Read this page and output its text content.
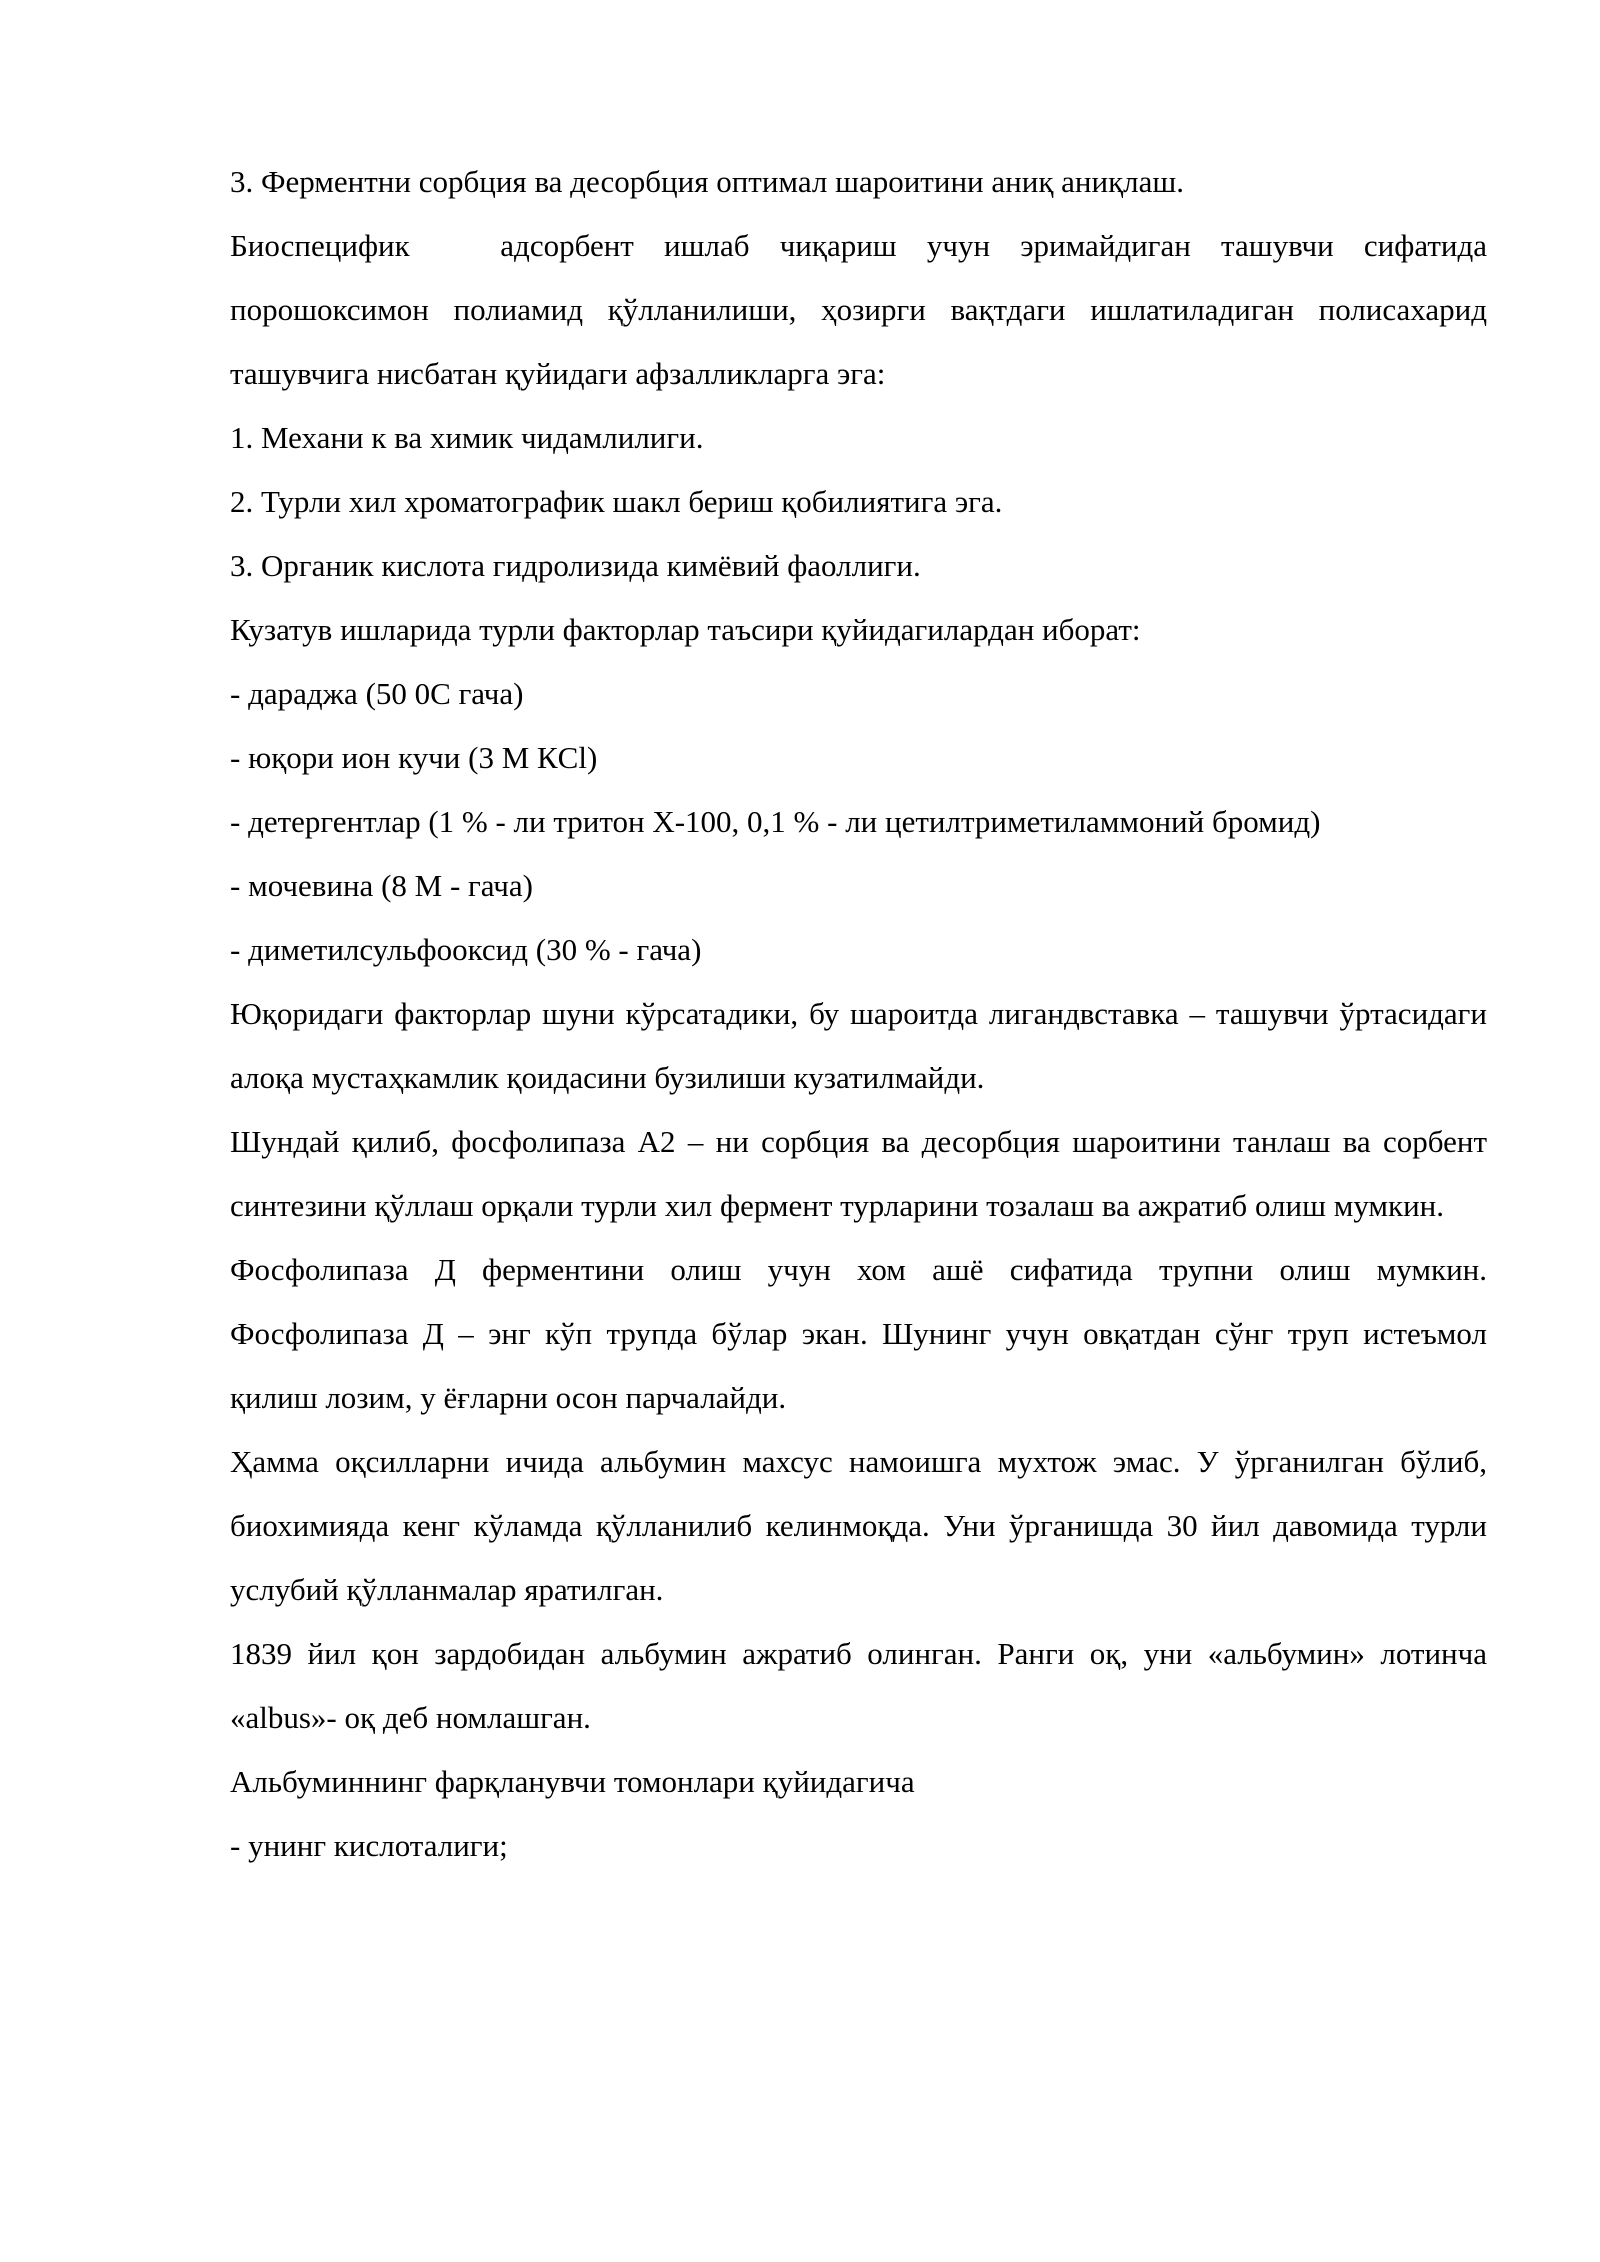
3. Ферментни сорбция ва десорбция оптимал шароитини аниқ аниқлаш.

Биоспецифик   адсорбент ишлаб чиқариш учун эримайдиган ташувчи сифатида порошоксимон полиамид қўлланилиши, ҳозирги вақтдаги ишлатиладиган полисахарид ташувчига нисбатан қуйидаги афзалликларга эга:

1. Механи к ва химик чидамлилиги.

2. Турли хил хроматографик шакл бериш қобилиятига эга.

3. Органик кислота гидролизида кимёвий фаоллиги.

Кузатув ишларида турли факторлар таъсири қуйидагилардан иборат:

- дараджа (50 0С гача)

- юқори ион кучи (3 М КCl)

- детергентлар (1 % - ли тритон Х-100, 0,1 % - ли цетилтриметиламмоний бромид)

- мочевина (8 М - гача)

- диметилсульфооксид (30 % - гача)

Юқоридаги факторлар шуни кўрсатадики, бу шароитда лигандвставка – ташувчи ўртасидаги алоқа мустаҳкамлик қоидасини бузилиши кузатилмайди.

Шундай қилиб, фосфолипаза А2 – ни сорбция ва десорбция шароитини танлаш ва сорбент синтезини қўллаш орқали турли хил фермент турларини тозалаш ва ажратиб олиш мумкин.

Фосфолипаза Д ферментини олиш учун хом ашё сифатида трупни олиш мумкин. Фосфолипаза Д – энг кўп трупда бўлар экан. Шунинг учун овқатдан сўнг труп истеъмол қилиш лозим, у ёғларни осон парчалайди.

Ҳамма оқсилларни ичида альбумин махсус намоишга мухтож эмас. У ўрганилган бўлиб, биохимияда кенг кўламда қўлланилиб келинмоқда. Уни ўрганишда 30 йил давомида турли услубий қўлланмалар яратилган.

1839 йил қон зардобидан альбумин ажратиб олинган. Ранги оқ, уни «альбумин» лотинча   «albus»- оқ деб номлашган.

Альбуминнинг фарқланувчи томонлари қуйидагича

- унинг кислоталиги;
